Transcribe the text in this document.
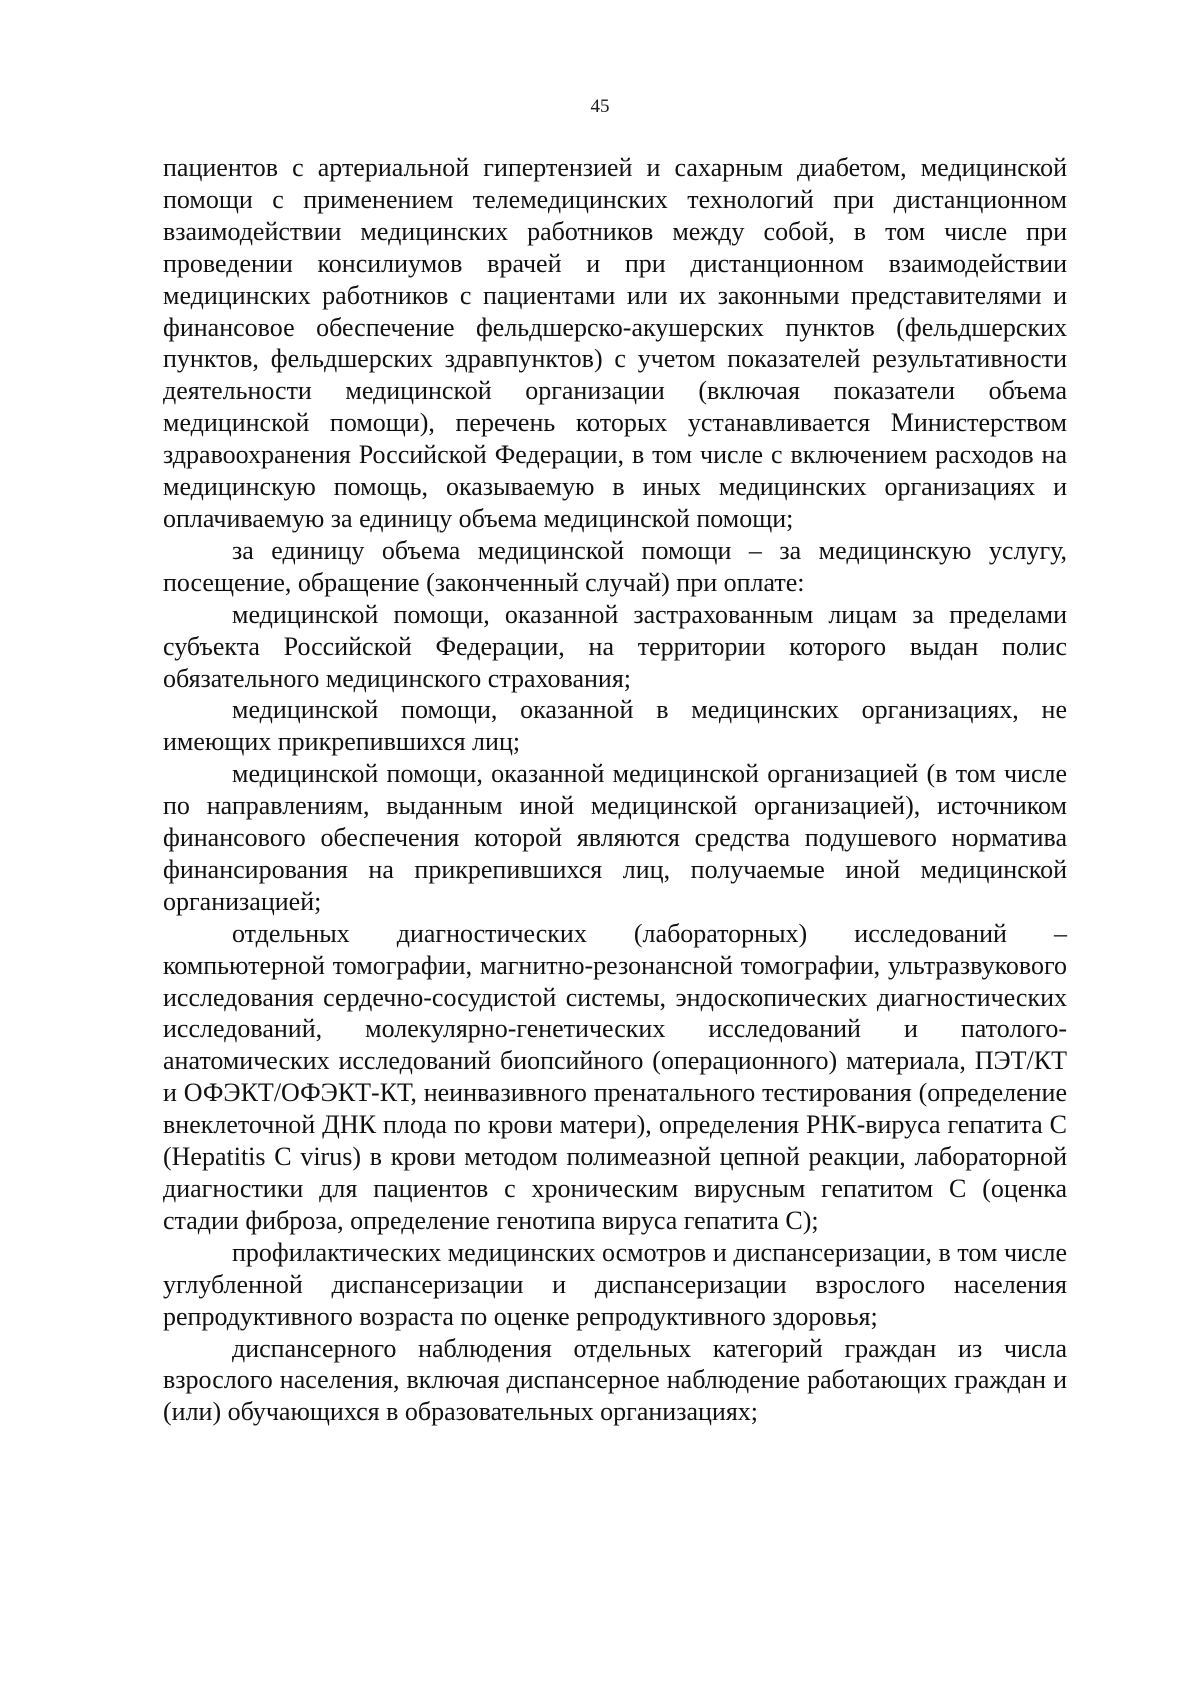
45

пациентов с артериальной гипертензией и сахарным диабетом, медицинской помощи с применением телемедицинских технологий при дистанционном взаимодействии медицинских работников между собой, в том числе при проведении консилиумов врачей и при дистанционном взаимодействии медицинских работников с пациентами или их законными представителями и финансовое обеспечение фельдшерско-акушерских пунктов (фельдшерских пунктов, фельдшерских здравпунктов) с учетом показателей результативности деятельности медицинской организации (включая показатели объема медицинской помощи), перечень которых устанавливается Министерством здравоохранения Российской Федерации, в том числе с включением расходов на медицинскую помощь, оказываемую в иных медицинских организациях и оплачиваемую за единицу объема медицинской помощи;

за единицу объема медицинской помощи – за медицинскую услугу, посещение, обращение (законченный случай) при оплате:

медицинской помощи, оказанной застрахованным лицам за пределами субъекта Российской Федерации, на территории которого выдан полис обязательного медицинского страхования;

медицинской помощи, оказанной в медицинских организациях, не имеющих прикрепившихся лиц;

медицинской помощи, оказанной медицинской организацией (в том числе по направлениям, выданным иной медицинской организацией), источником финансового обеспечения которой являются средства подушевого норматива финансирования на прикрепившихся лиц, получаемые иной медицинской организацией;

отдельных диагностических (лабораторных) исследований – компьютерной томографии, магнитно-резонансной томографии, ультразвукового исследования сердечно-сосудистой системы, эндоскопических диагностических исследований, молекулярно-генетических исследований и патолого-анатомических исследований биопсийного (операционного) материала, ПЭТ/КТ и ОФЭКТ/ОФЭКТ-КТ, неинвазивного пренатального тестирования (определение внеклеточной ДНК плода по крови матери), определения РНК-вируса гепатита С (Hepatitis C virus) в крови методом полимеазной цепной реакции, лабораторной диагностики для пациентов с хроническим вирусным гепатитом С (оценка стадии фиброза, определение генотипа вируса гепатита С);

профилактических медицинских осмотров и диспансеризации, в том числе углубленной диспансеризации и диспансеризации взрослого населения репродуктивного возраста по оценке репродуктивного здоровья;

диспансерного наблюдения отдельных категорий граждан из числа взрослого населения, включая диспансерное наблюдение работающих граждан и (или) обучающихся в образовательных организациях;
